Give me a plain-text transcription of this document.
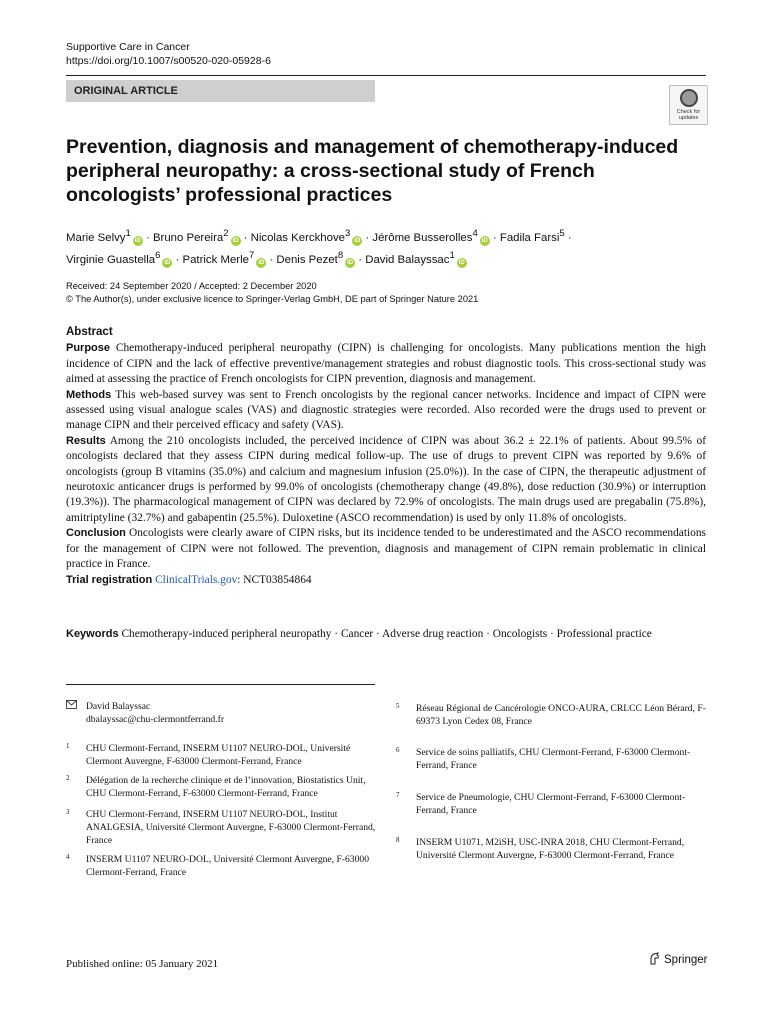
Supportive Care in Cancer
https://doi.org/10.1007/s00520-020-05928-6
ORIGINAL ARTICLE
Check for
updates
Prevention, diagnosis and management of chemotherapy-induced peripheral neuropathy: a cross-sectional study of French oncologists’ professional practices
Marie Selvy$^1$iD · Bruno Pereira$^2$iD · Nicolas Kerckhove$^3$iD · Jérôme Busserolles$^4$iD · Fadila Farsi$^5$ ·
Virginie Guastella$^6$iD · Patrick Merle$^7$iD · Denis Pezet$^8$iD · David Balayssac$^1$iD
Received: 24 September 2020 / Accepted: 2 December 2020
© The Author(s), under exclusive licence to Springer-Verlag GmbH, DE part of Springer Nature 2021
Abstract

Purpose Chemotherapy-induced peripheral neuropathy (CIPN) is challenging for oncologists. Many publications mention the high incidence of CIPN and the lack of effective preventive/management strategies and robust diagnostic tools. This cross-sectional study was aimed at assessing the practice of French oncologists for CIPN prevention, diagnosis and management.

Methods This web-based survey was sent to French oncologists by the regional cancer networks. Incidence and impact of CIPN were assessed using visual analogue scales (VAS) and diagnostic strategies were recorded. Also recorded were the drugs used to prevent or manage CIPN and their perceived efficacy and safety (VAS).

Results Among the 210 oncologists included, the perceived incidence of CIPN was about 36.2 ± 22.1% of patients. About 99.5% of oncologists declared that they assess CIPN during medical follow-up. The use of drugs to prevent CIPN was reported by 9.6% of oncologists (group B vitamins (35.0%) and calcium and magnesium infusion (25.0%)). In the case of CIPN, the therapeutic adjustment of neurotoxic anticancer drugs is performed by 99.0% of oncologists (chemotherapy change (49.8%), dose reduction (30.9%) or interruption (19.3%)). The pharmacological management of CIPN was declared by 72.9% of oncologists. The main drugs used are pregabalin (75.8%), amitriptyline (32.7%) and gabapentin (25.5%). Duloxetine (ASCO recommendation) is used by only 11.8% of oncologists.

Conclusion Oncologists were clearly aware of CIPN risks, but its incidence tended to be underestimated and the ASCO recommendations for the management of CIPN were not followed. The prevention, diagnosis and management of CIPN remain problematic in clinical practice in France.

Trial registration ClinicalTrials.gov: NCT03854864

Keywords Chemotherapy-induced peripheral neuropathy · Cancer · Adverse drug reaction · Oncologists · Professional practice
David Balayssac
dbalayssac@chu-clermontferrand.fr
1 CHU Clermont-Ferrand, INSERM U1107 NEURO-DOL, Université Clermont Auvergne, F-63000 Clermont-Ferrand, France
2 Délégation de la recherche clinique et de l’innovation, Biostatistics Unit, CHU Clermont-Ferrand, F-63000 Clermont-Ferrand, France
3 CHU Clermont-Ferrand, INSERM U1107 NEURO-DOL, Institut ANALGESIA, Université Clermont Auvergne, F-63000 Clermont-Ferrand, France
4 INSERM U1107 NEURO-DOL, Université Clermont Auvergne, F-63000 Clermont-Ferrand, France
5 Réseau Régional de Cancérologie ONCO-AURA, CRLCC Léon Bérard, F-69373 Lyon Cedex 08, France
6 Service de soins palliatifs, CHU Clermont-Ferrand, F-63000 Clermont-Ferrand, France
7 Service de Pneumologie, CHU Clermont-Ferrand, F-63000 Clermont-Ferrand, France
8 INSERM U1071, M2iSH, USC-INRA 2018, CHU Clermont-Ferrand, Université Clermont Auvergne, F-63000 Clermont-Ferrand, France
Published online: 05 January 2021	Springer
